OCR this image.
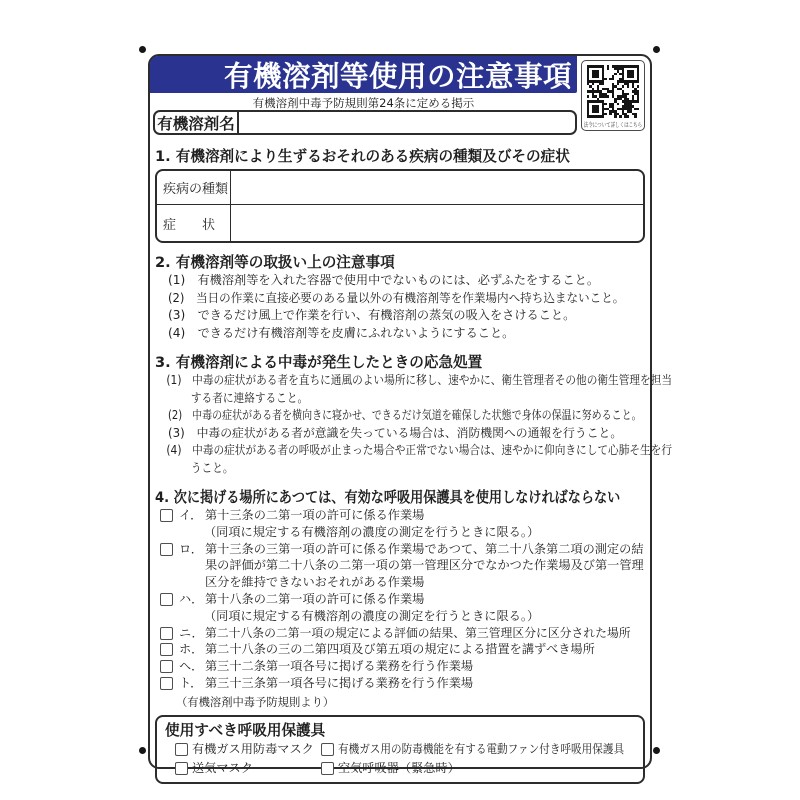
有機溶剤等使用の注意事項
有機溶剤中毒予防規則第24条に定める掲示
有機溶剤名	法令について詳しくはこちら
1. 有機溶剤により生ずるおそれのある疾病の種類及びその症状
疾病の種類
症　　状
2. 有機溶剤等の取扱い上の注意事項
(1)　有機溶剤等を入れた容器で使用中でないものには、必ずふたをすること。
(2)　当日の作業に直接必要のある量以外の有機溶剤等を作業場内へ持ち込まないこと。
(3)　できるだけ風上で作業を行い、有機溶剤の蒸気の吸入をさけること。
(4)　できるだけ有機溶剤等を皮膚にふれないようにすること。
3. 有機溶剤による中毒が発生したときの応急処置
(1)　中毒の症状がある者を直ちに通風のよい場所に移し、速やかに、衛生管理者その他の衛生管理を担当する者に連絡すること。
(2)　中毒の症状がある者を横向きに寝かせ、できるだけ気道を確保した状態で身体の保温に努めること。
(3)　中毒の症状がある者が意識を失っている場合は、消防機関への通報を行うこと。
(4)　中毒の症状がある者の呼吸が止まった場合や正常でない場合は、速やかに仰向きにして心肺そ生を行うこと。
4. 次に掲げる場所にあつては、有効な呼吸用保護具を使用しなければならない
イ． 第十三条の二第一項の許可に係る作業場
（同項に規定する有機溶剤の濃度の測定を行うときに限る。）
ロ． 第十三条の三第一項の許可に係る作業場であつて、第二十八条第二項の測定の結果の評価が第二十八条の二第一項の第一管理区分でなかつた作業場及び第一管理区分を維持できないおそれがある作業場
ハ． 第十八条の二第一項の許可に係る作業場
（同項に規定する有機溶剤の濃度の測定を行うときに限る。）
ニ． 第二十八条の二第一項の規定による評価の結果、第三管理区分に区分された場所
ホ． 第二十八条の三の二第四項及び第五項の規定による措置を講ずべき場所
ヘ． 第三十二条第一項各号に掲げる業務を行う作業場
ト． 第三十三条第一項各号に掲げる業務を行う作業場
（有機溶剤中毒予防規則より）
使用すべき呼吸用保護具
有機ガス用防毒マスク 有機ガス用の防毒機能を有する電動ファン付き呼吸用保護具
送気マスク	空気呼吸器（緊急時）
